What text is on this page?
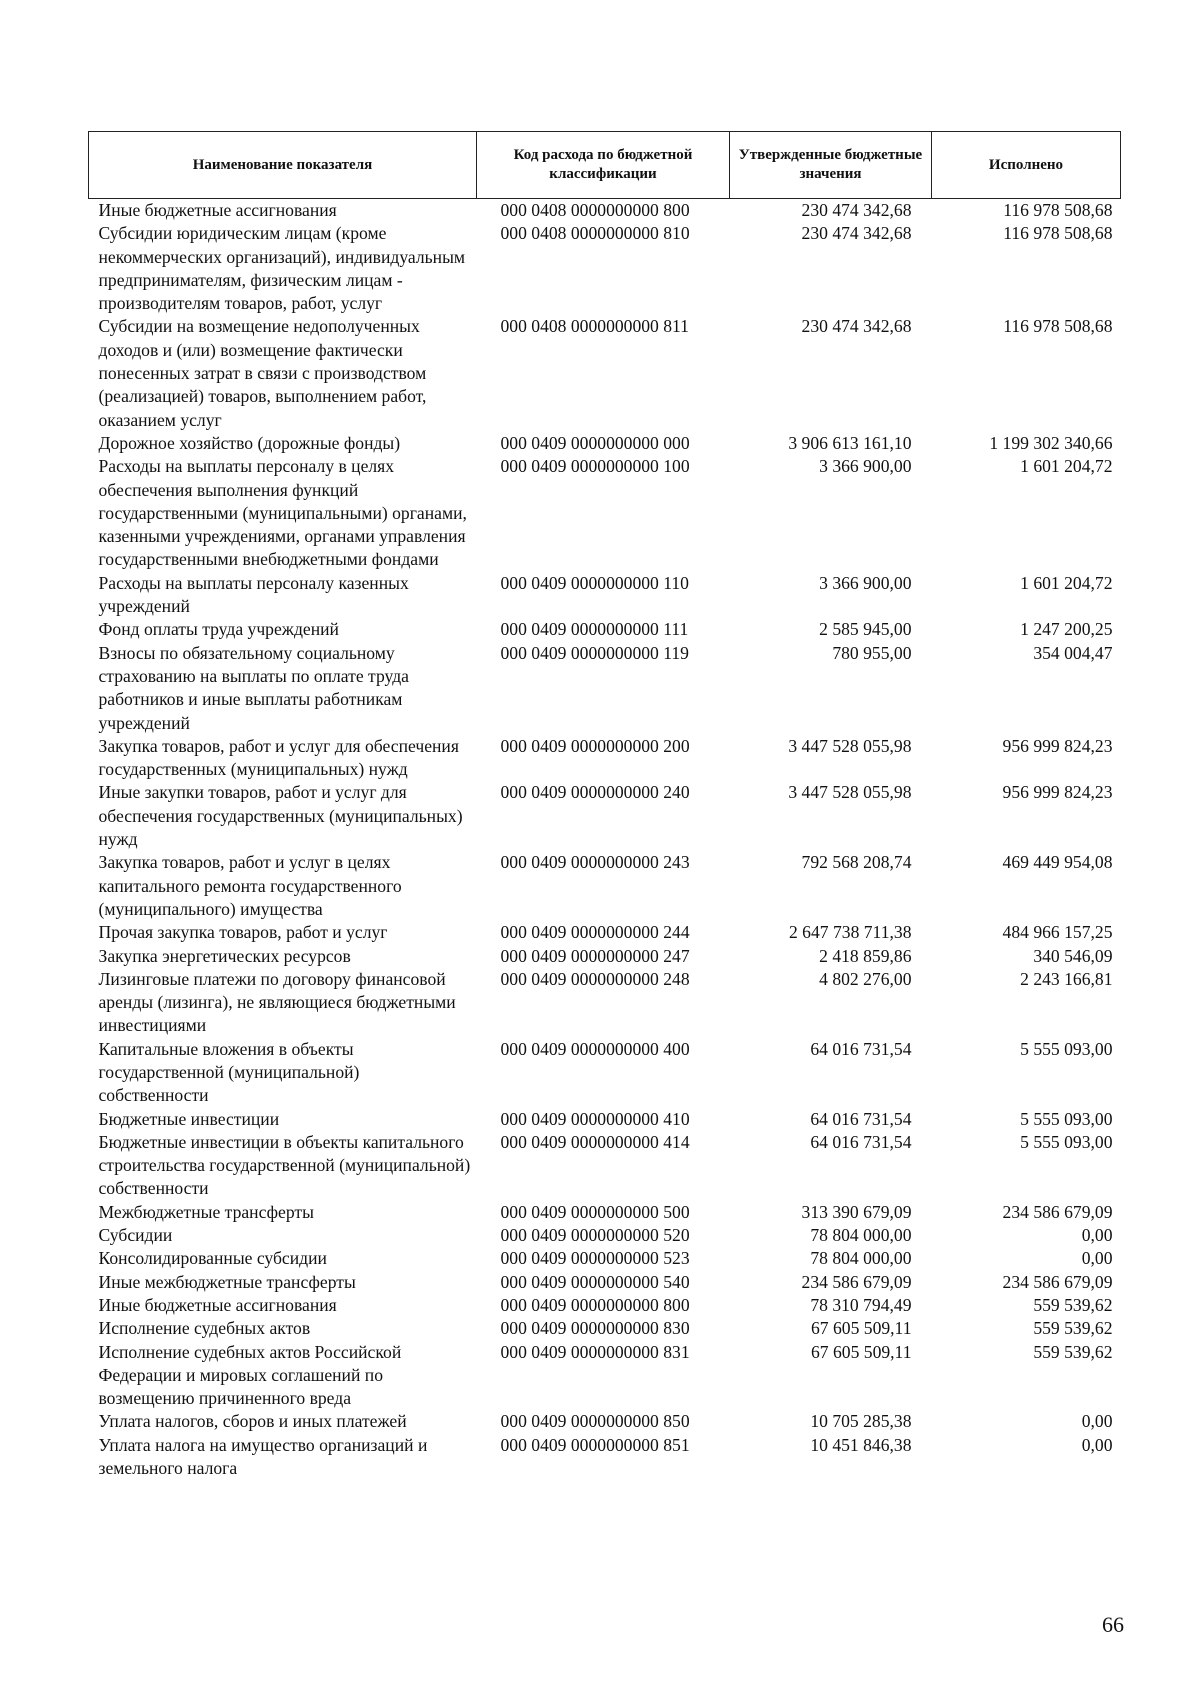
Наименование показателя	Код расхода по бюджетной классификации	Утвержденные бюджетные значения	Исполнено
Иные бюджетные ассигнования	000 0408 0000000000 800	230 474 342,68	116 978 508,68
Субсидии юридическим лицам (кроме некоммерческих организаций), индивидуальным предпринимателям, физическим лицам - производителям товаров, работ, услуг	000 0408 0000000000 810	230 474 342,68	116 978 508,68
Субсидии на возмещение недополученных доходов и (или) возмещение фактически понесенных затрат в связи с производством (реализацией) товаров, выполнением работ, оказанием услуг	000 0408 0000000000 811	230 474 342,68	116 978 508,68
Дорожное хозяйство (дорожные фонды)	000 0409 0000000000 000	3 906 613 161,10	1 199 302 340,66
Расходы на выплаты персоналу в целях обеспечения выполнения функций государственными (муниципальными) органами, казенными учреждениями, органами управления государственными внебюджетными фондами	000 0409 0000000000 100	3 366 900,00	1 601 204,72
Расходы на выплаты персоналу казенных учреждений	000 0409 0000000000 110	3 366 900,00	1 601 204,72
Фонд оплаты труда учреждений	000 0409 0000000000 111	2 585 945,00	1 247 200,25
Взносы по обязательному социальному страхованию на выплаты по оплате труда работников и иные выплаты работникам учреждений	000 0409 0000000000 119	780 955,00	354 004,47
Закупка товаров, работ и услуг для обеспечения государственных (муниципальных) нужд	000 0409 0000000000 200	3 447 528 055,98	956 999 824,23
Иные закупки товаров, работ и услуг для обеспечения государственных (муниципальных) нужд	000 0409 0000000000 240	3 447 528 055,98	956 999 824,23
Закупка товаров, работ и услуг в целях капитального ремонта государственного (муниципального) имущества	000 0409 0000000000 243	792 568 208,74	469 449 954,08
Прочая закупка товаров, работ и услуг	000 0409 0000000000 244	2 647 738 711,38	484 966 157,25
Закупка энергетических ресурсов	000 0409 0000000000 247	2 418 859,86	340 546,09
Лизинговые платежи по договору финансовой аренды (лизинга), не являющиеся бюджетными инвестициями	000 0409 0000000000 248	4 802 276,00	2 243 166,81
Капитальные вложения в объекты государственной (муниципальной) собственности	000 0409 0000000000 400	64 016 731,54	5 555 093,00
Бюджетные инвестиции	000 0409 0000000000 410	64 016 731,54	5 555 093,00
Бюджетные инвестиции в объекты капитального строительства государственной (муниципальной) собственности	000 0409 0000000000 414	64 016 731,54	5 555 093,00
Межбюджетные трансферты	000 0409 0000000000 500	313 390 679,09	234 586 679,09
Субсидии	000 0409 0000000000 520	78 804 000,00	0,00
Консолидированные субсидии	000 0409 0000000000 523	78 804 000,00	0,00
Иные межбюджетные трансферты	000 0409 0000000000 540	234 586 679,09	234 586 679,09
Иные бюджетные ассигнования	000 0409 0000000000 800	78 310 794,49	559 539,62
Исполнение судебных актов	000 0409 0000000000 830	67 605 509,11	559 539,62
Исполнение судебных актов Российской Федерации и мировых соглашений по возмещению причиненного вреда	000 0409 0000000000 831	67 605 509,11	559 539,62
Уплата налогов, сборов и иных платежей	000 0409 0000000000 850	10 705 285,38	0,00
Уплата налога на имущество организаций и земельного налога	000 0409 0000000000 851	10 451 846,38	0,00
66
